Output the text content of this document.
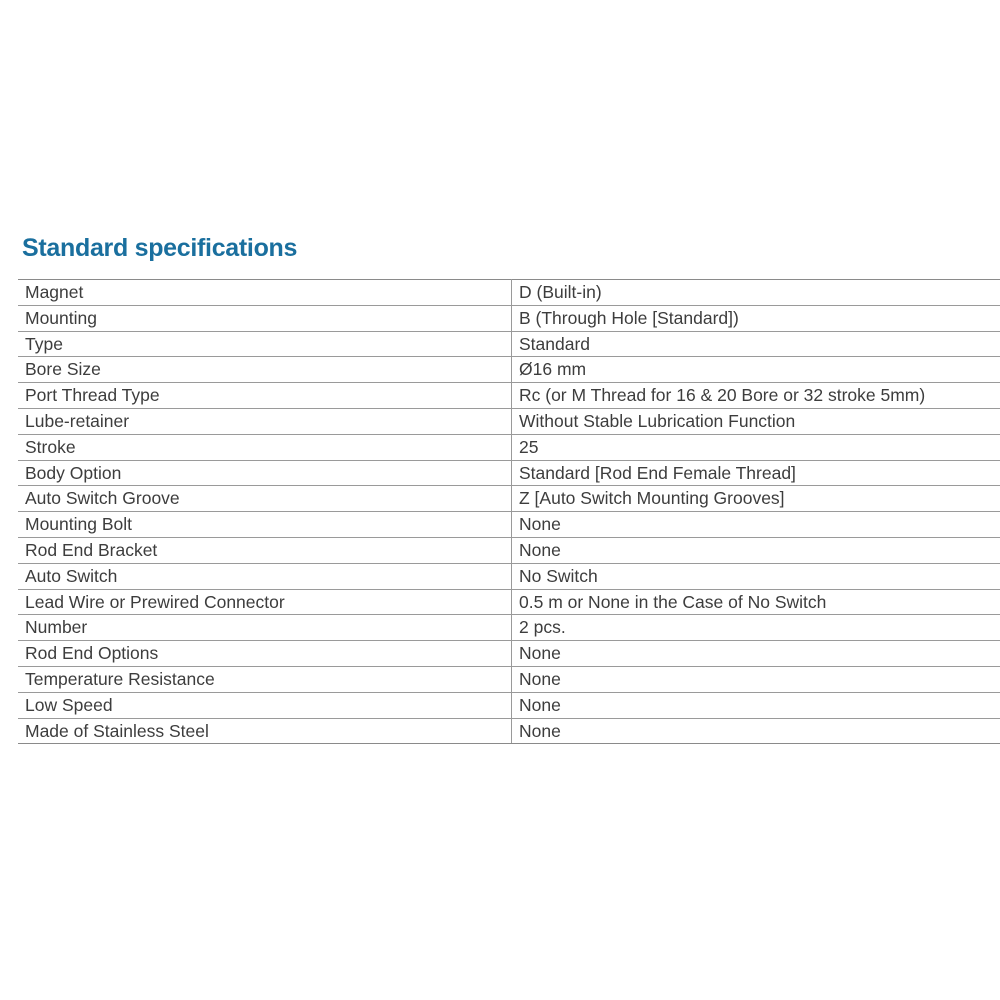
Standard specifications
Magnet	D (Built-in)
Mounting	B (Through Hole [Standard])
Type	Standard
Bore Size	Ø16 mm
Port Thread Type	Rc (or M Thread for 16 & 20 Bore or 32 stroke 5mm)
Lube-retainer	Without Stable Lubrication Function
Stroke	25
Body Option	Standard [Rod End Female Thread]
Auto Switch Groove	Z [Auto Switch Mounting Grooves]
Mounting Bolt	None
Rod End Bracket	None
Auto Switch	No Switch
Lead Wire or Prewired Connector	0.5 m or None in the Case of No Switch
Number	2 pcs.
Rod End Options	None
Temperature Resistance	None
Low Speed	None
Made of Stainless Steel	None
